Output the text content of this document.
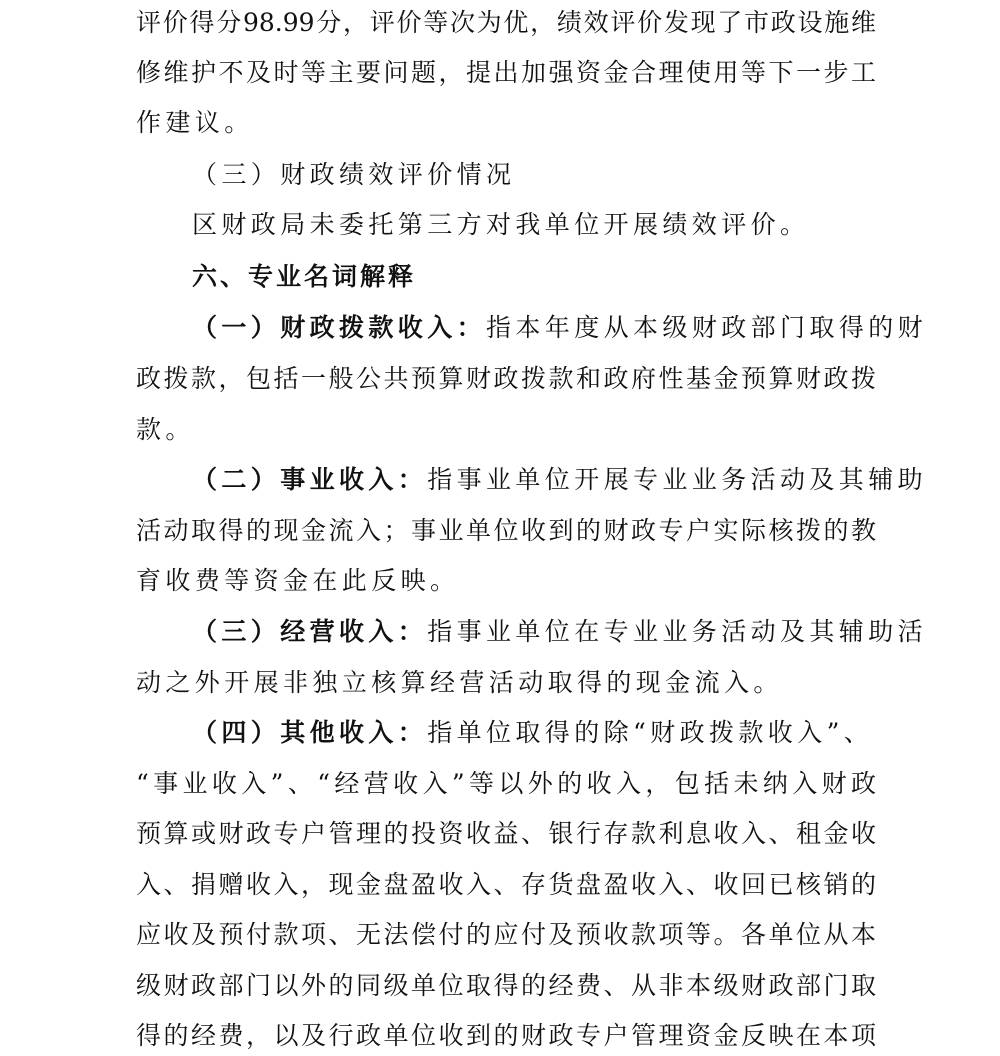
评价得分98.99分，评价等次为优，绩效评价发现了市政设施维
修维护不及时等主要问题，提出加强资金合理使用等下一步工
作建议。
（三）财政绩效评价情况
区财政局未委托第三方对我单位开展绩效评价。
六、专业名词解释
（一）财政拨款收入：指本年度从本级财政部门取得的财
政拨款，包括一般公共预算财政拨款和政府性基金预算财政拨
款。
（二）事业收入：指事业单位开展专业业务活动及其辅助
活动取得的现金流入；事业单位收到的财政专户实际核拨的教
育收费等资金在此反映。
（三）经营收入：指事业单位在专业业务活动及其辅助活
动之外开展非独立核算经营活动取得的现金流入。
（四）其他收入：指单位取得的除“财政拨款收入”、
“事业收入”、“经营收入”等以外的收入，包括未纳入财政
预算或财政专户管理的投资收益、银行存款利息收入、租金收
入、捐赠收入，现金盘盈收入、存货盘盈收入、收回已核销的
应收及预付款项、无法偿付的应付及预收款项等。各单位从本
级财政部门以外的同级单位取得的经费、从非本级财政部门取
得的经费，以及行政单位收到的财政专户管理资金反映在本项
